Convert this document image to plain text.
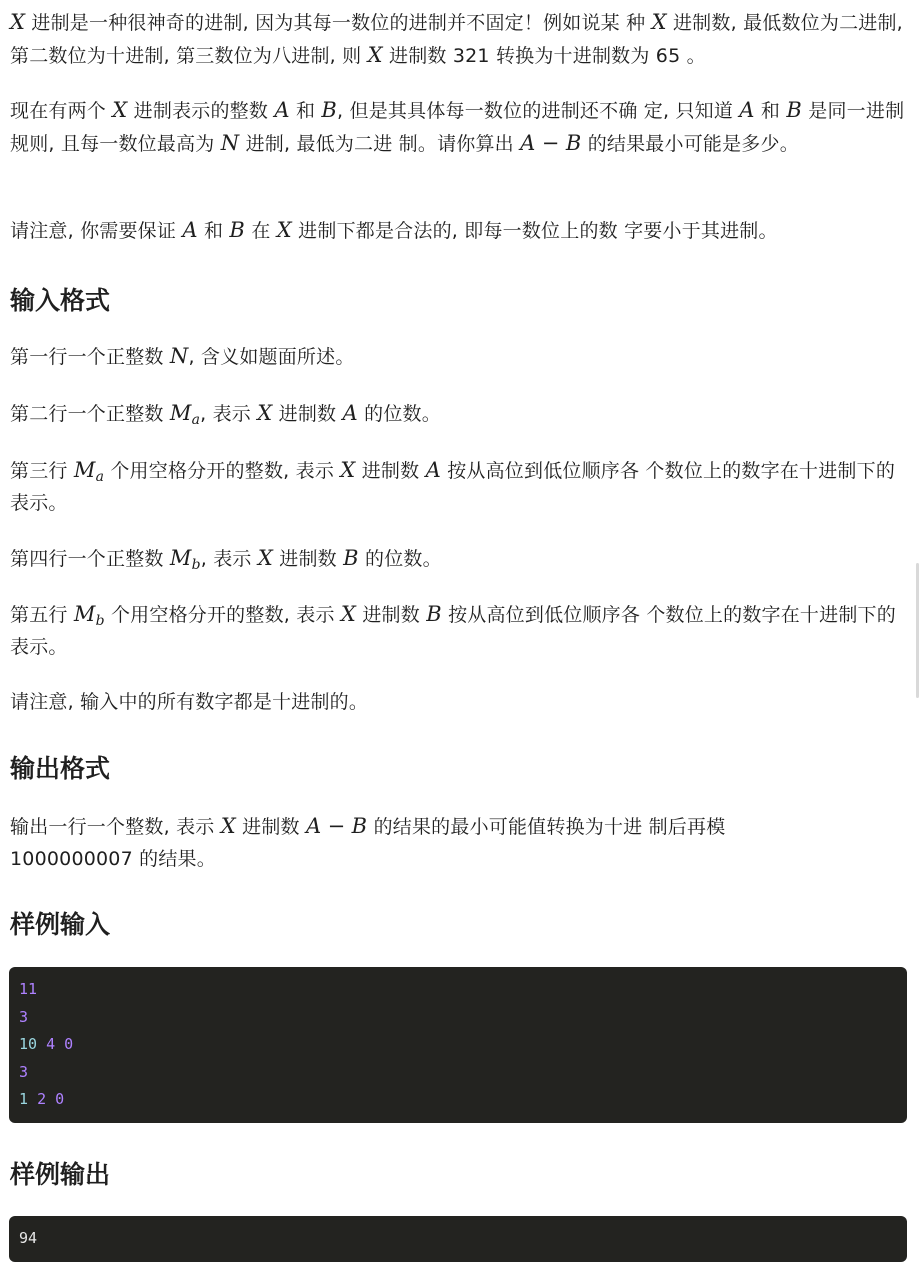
X 进制是一种很神奇的进制, 因为其每一数位的进制并不固定！例如说某 种 X 进制数, 最低数位为二进制, 第二数位为十进制, 第三数位为八进制, 则 X 进制数 321 转换为十进制数为 65 。

现在有两个 X 进制表示的整数 A 和 B, 但是其具体每一数位的进制还不确 定, 只知道 A 和 B 是同一进制规则, 且每一数位最高为 N 进制, 最低为二进 制。请你算出 A − B 的结果最小可能是多少。

请注意, 你需要保证 A 和 B 在 X 进制下都是合法的, 即每一数位上的数 字要小于其进制。

输入格式

第一行一个正整数 N, 含义如题面所述。

第二行一个正整数 $M_a$, 表示 X 进制数 A 的位数。

第三行 $M_a$ 个用空格分开的整数, 表示 X 进制数 A 按从高位到低位顺序各 个数位上的数字在十进制下的表示。

第四行一个正整数 $M_b$, 表示 X 进制数 B 的位数。

第五行 $M_b$ 个用空格分开的整数, 表示 X 进制数 B 按从高位到低位顺序各 个数位上的数字在十进制下的表示。

请注意, 输入中的所有数字都是十进制的。

输出格式

输出一行一个整数, 表示 X 进制数 A − B 的结果的最小可能值转换为十进 制后再模 1000000007 的结果。

样例输入
样例输出
11
3
10 4 0
3
1 2 0
94
